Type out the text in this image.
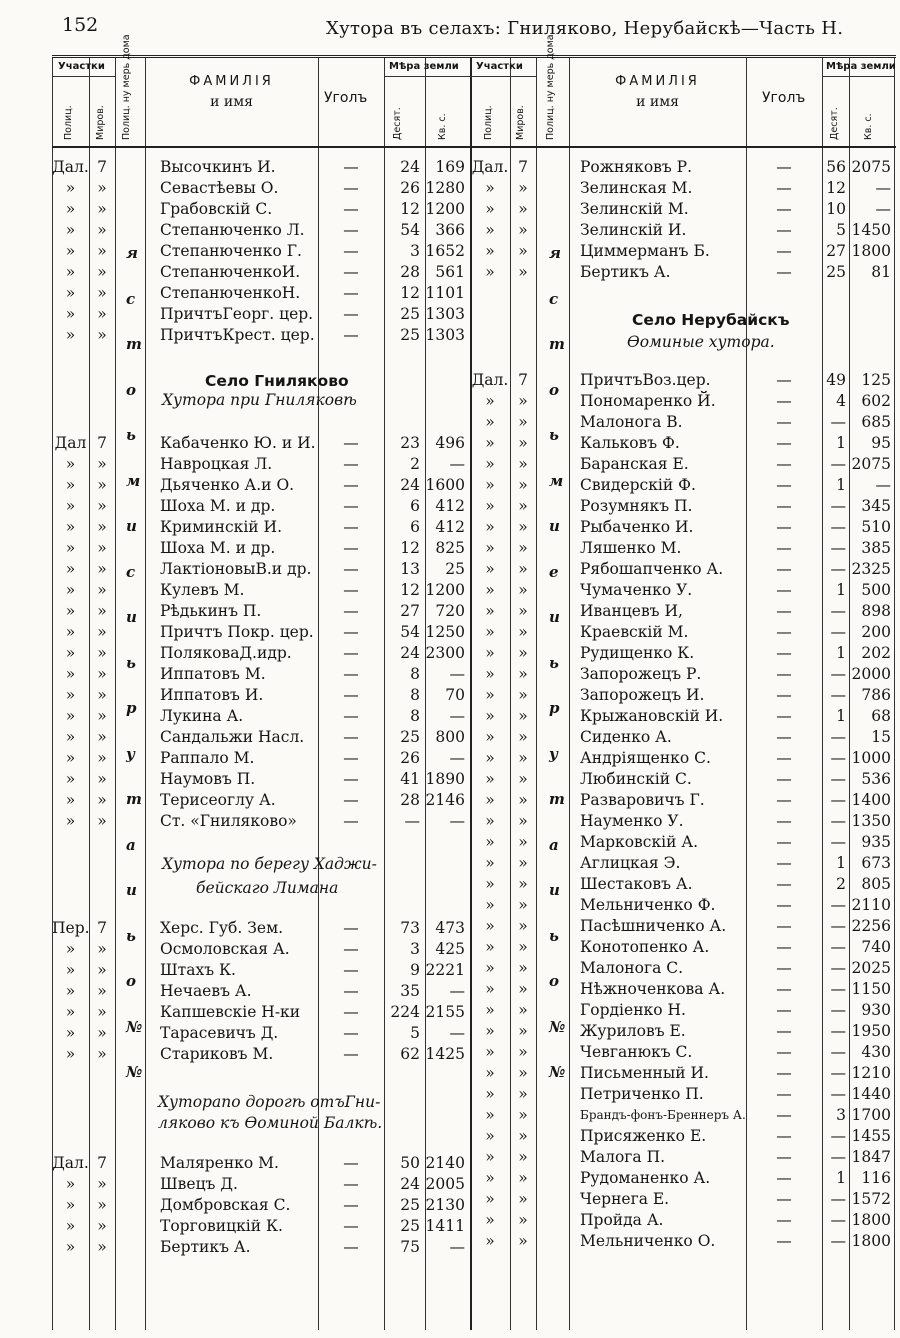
152	Хутора въ селахъ: Гниляково, Нерубайскѣ—Часть Н.
Участки
Полиц. Миров. Полиц. ну мерь дома	ФАМИЛІЯ
и имя	Уголъ
Мѣра земли
Десят.	Кв. с.
Участки
Полиц. Миров. Полиц. ну мерь дома	ФАМИЛІЯ
и имя	Уголъ
Мѣра земли
Десят. Кв. с.
Село Гниляково
Хутора при Гниляковѣ
Хутора по берегу Хаджи-
бейскаго Лимана
Хуторапо дорогѣ отъГни-
ляково къ Ѳоминой Балкѣ.
Село Нерубайскъ
Ѳоминые хутора.
Дал. 7	Высочкинъ И.	—	24 169
»	»	Севастѣевы О.	—	26 1280
»	»	Грабовскій С.	—	12 1200
»	»	Степанюченко Л.	—	54 366
»	»	Степанюченко Г.	—	3 1652
»	»	СтепанюченкоИ.	—	28 561
»	»	СтепанюченкоН.	—	12 1101
»	»	ПричтъГеорг. цер.	—	25 1303
»	»	ПричтъКрест. цер.	—	25 1303
Дал 7	Кабаченко Ю. и И.	—	23 496
»	»	Навроцкая Л.	—	2	—
»	»	Дьяченко А.и О.	—	24 1600
»	»	Шоха М. и др.	—	6 412
»	»	Криминскій И.	—	6 412
»	»	Шоха М. и др.	—	12 825
»	»	ЛактіоновыВ.и др.	—	13	25
»	»	Кулевъ М.	—	12 1200
»	»	Рѣдькинъ П.	—	27 720
»	»	Причтъ Покр. цер.	—	54 1250
»	»	ПоляковаД.идр.	—	24 2300
»	»	Иппатовъ М.	—	8	—
»	»	Иппатовъ И.	—	8	70
»	»	Лукина А.	—	8	—
»	»	Сандальжи Насл.	—	25 800
»	»	Раппало М.	—	26	—
»	»	Наумовъ П.	—	41 1890
»	»	Терисеоглу А.	—	28 2146
»	»	Ст. «Гниляково»	—	—	—
Пер. 7	Херс. Губ. Зем.	—	73 473
»	»	Осмоловская А.	—	3 425
»	»	Штахъ К.	—	9 2221
»	»	Нечаевъ А.	—	35	—
»	»	Капшевскіе Н-ки	—	224 2155
»	»	Тарасевичъ Д.	—	5	—
»	»	Стариковъ М.	—	62 1425
Дал. 7	Маляренко М.	—	50 2140
»	»	Швецъ Д.	—	24 2005
»	»	Домбровская С.	—	25 2130
»	»	Торговицкій К.	—	25 1411
»	»	Бертикъ А.	—	75	—
Дал. 7	Рожняковъ Р.	—	56 2075
»	»	Зелинская М.	—	12	—
»	»	Зелинскій М.	—	10	—
»	»	Зелинскій И.	—	5 1450
»	»	Циммерманъ Б.	—	27 1800
»	»	Бертикъ А.	—	25	81
Дал. 7	ПричтъВоз.цер.	—	49 125
»	»	Пономаренко Й.	—	4 602
»	»	Малонога В.	—	— 685
»	»	Кальковъ Ф.	—	1	95
»	»	Баранская Е.	—	— 2075
»	»	Свидерскій Ф.	—	1	—
»	»	Розумнякъ П.	—	— 345
»	»	Рыбаченко И.	—	— 510
»	»	Ляшенко М.	—	— 385
»	»	Рябошапченко А.	—	— 2325
»	»	Чумаченко У.	—	1 500
»	»	Иванцевъ И,	—	— 898
»	»	Краевскій М.	—	— 200
»	»	Рудищенко К.	—	1 202
»	»	Запорожецъ Р.	—	— 2000
»	»	Запорожецъ И.	—	— 786
»	»	Крыжановскій И.	—	1	68
»	»	Сиденко А.	—	—	15
»	»	Андріященко С.	—	— 1000
»	»	Любинскій С.	—	— 536
»	»	Разваровичъ Г.	—	— 1400
»	»	Науменко У.	—	— 1350
»	»	Марковскій А.	—	— 935
»	»	Аглицкая Э.	—	1 673
»	»	Шестаковъ А.	—	2 805
»	»	Мельниченко Ф.	—	— 2110
»	»	Пасѣшниченко А.	—	— 2256
»	»	Конотопенко А.	—	— 740
»	»	Малонога С.	—	— 2025
»	»	Нѣжноченкова А.	—	— 1150
»	»	Гордіенко Н.	—	— 930
»	»	Журиловъ Е.	—	— 1950
»	»	Чевганюкъ С.	—	— 430
»	»	Письменный И.	—	— 1210
»	»	Петриченко П.	—	— 1440
»	»	Брандъ-фонъ-Бреннеръ А.	—	3 1700
»	»	Присяженко Е.	—	— 1455
»	»	Малога П.	—	— 1847
»	»	Рудоманенко А.	—	1 116
»	»	Чернега Е.	—	— 1572
»	»	Пройда А.	—	— 1800
»	»	Мельниченко О.	—	— 1800
я
с
т
о
ь
м
и
с
и
ь
р
у
т
а
и
ь
о
№
№
я
с
т
о
ь
м
и
е
и
ь
р
у
т
а
и
ь
о
№
№
